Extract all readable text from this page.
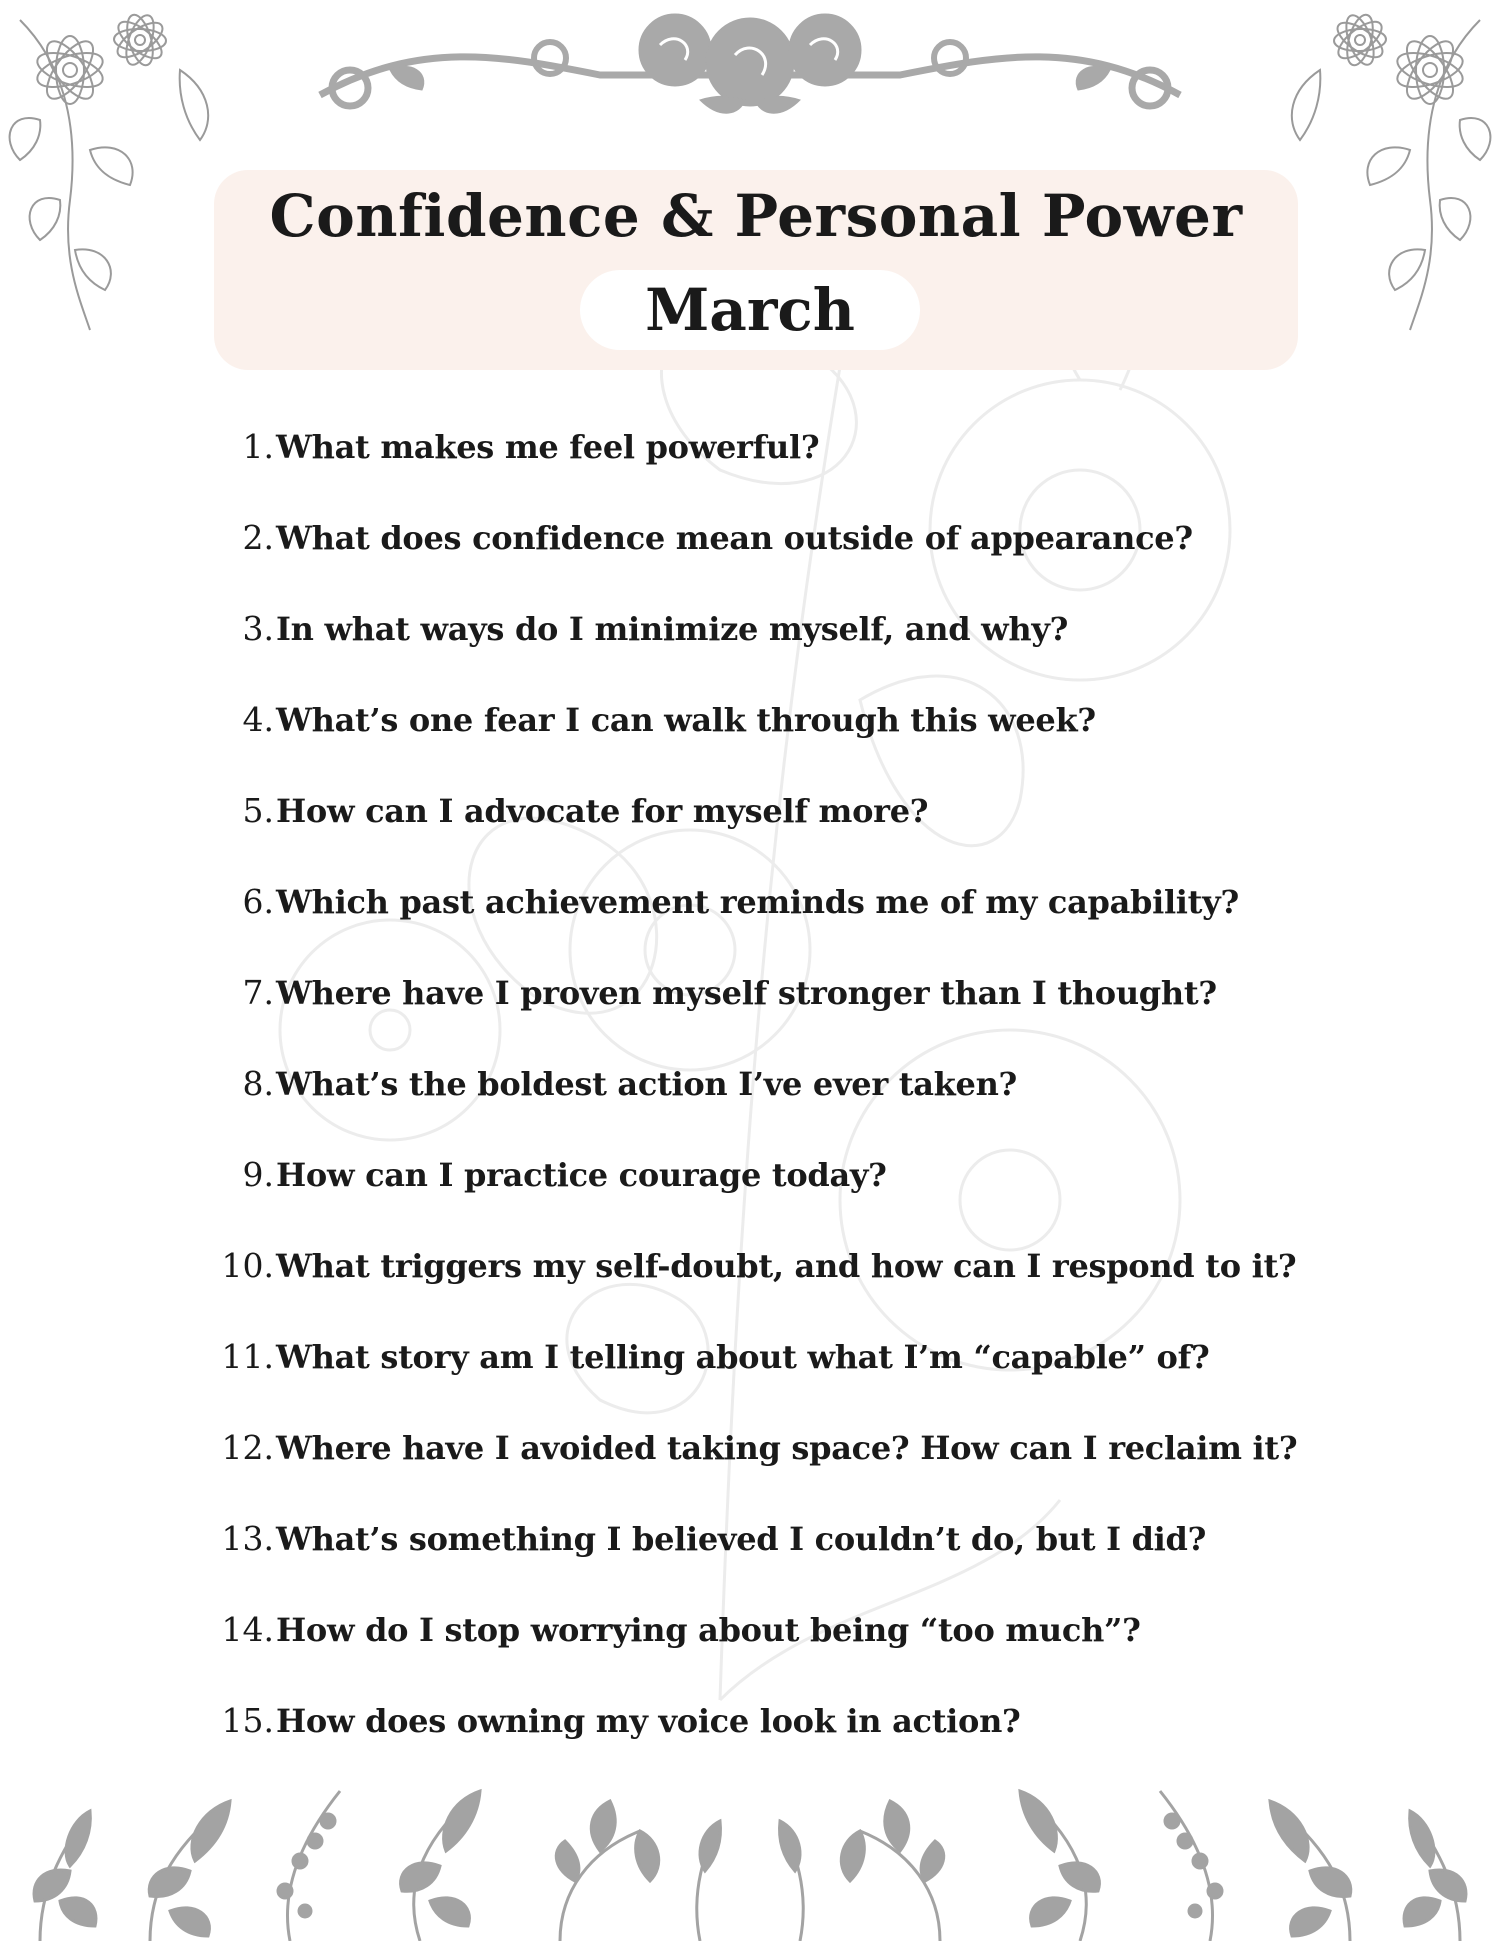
Confidence & Personal Power
March
1. What makes me feel powerful?
2. What does confidence mean outside of appearance?
3. In what ways do I minimize myself, and why?
4. What’s one fear I can walk through this week?
5. How can I advocate for myself more?
6. Which past achievement reminds me of my capability?
7. Where have I proven myself stronger than I thought?
8. What’s the boldest action I’ve ever taken?
9. How can I practice courage today?
10. What triggers my self-doubt, and how can I respond to it?
11. What story am I telling about what I’m “capable” of?
12. Where have I avoided taking space? How can I reclaim it?
13. What’s something I believed I couldn’t do, but I did?
14. How do I stop worrying about being “too much”?
15. How does owning my voice look in action?
